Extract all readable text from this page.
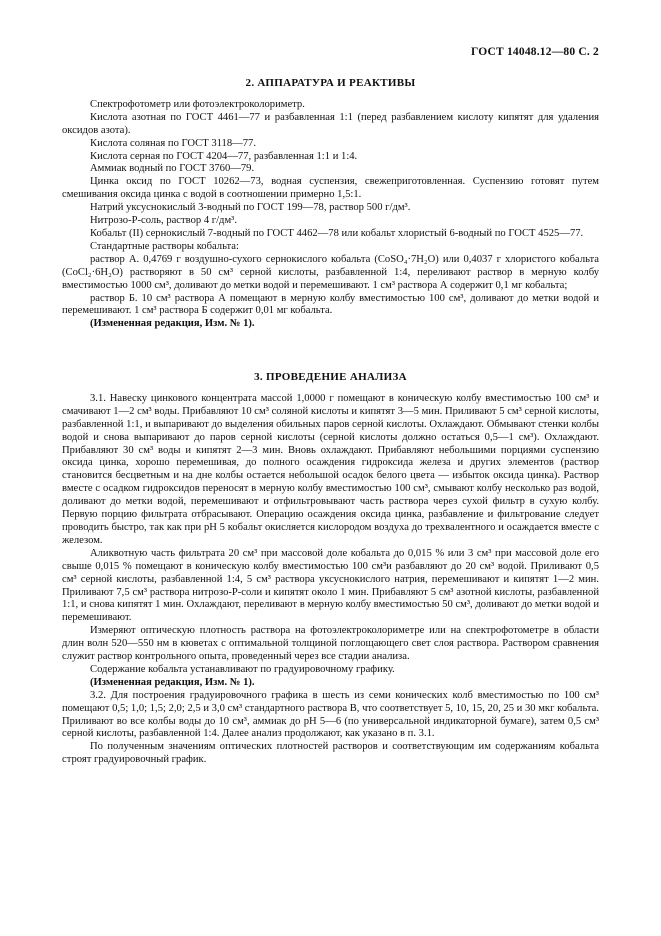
ГОСТ 14048.12—80 С. 2
2. АППАРАТУРА И РЕАКТИВЫ

Спектрофотометр или фотоэлектроколориметр.

Кислота азотная по ГОСТ 4461—77 и разбавленная 1:1 (перед разбавлением кислоту кипятят для удаления оксидов азота).

Кислота соляная по ГОСТ 3118—77.

Кислота серная по ГОСТ 4204—77, разбавленная 1:1 и 1:4.

Аммиак водный по ГОСТ 3760—79.

Цинка оксид по ГОСТ 10262—73, водная суспензия, свежеприготовленная. Суспензию готовят путем смешивания оксида цинка с водой в соотношении примерно 1,5:1.

Натрий уксуснокислый 3-водный по ГОСТ 199—78, раствор 500 г/дм³.

Нитрозо-Р-соль, раствор 4 г/дм³.

Кобальт (II) сернокислый 7-водный по ГОСТ 4462—78 или кобальт хлористый 6-водный по ГОСТ 4525—77.

Стандартные растворы кобальта:

раствор А. 0,4769 г воздушно-сухого сернокислого кобальта (CoSO₄·7H₂O) или 0,4037 г хлористого кобальта (CoCl₂·6H₂O) растворяют в 50 см³ серной кислоты, разбавленной 1:4, переливают раствор в мерную колбу вместимостью 1000 см³, доливают до метки водой и перемешивают. 1 см³ раствора А содержит 0,1 мг кобальта;

раствор Б. 10 см³ раствора А помещают в мерную колбу вместимостью 100 см³, доливают до метки водой и перемешивают. 1 см³ раствора Б содержит 0,01 мг кобальта.

(Измененная редакция, Изм. № 1).

3. ПРОВЕДЕНИЕ АНАЛИЗА

3.1. Навеску цинкового концентрата массой 1,0000 г помещают в коническую колбу вместимостью 100 см³ и смачивают 1—2 см³ воды. Прибавляют 10 см³ соляной кислоты и кипятят 3—5 мин. Приливают 5 см³ серной кислоты, разбавленной 1:1, и выпаривают до выделения обильных паров серной кислоты. Охлаждают. Обмывают стенки колбы водой и снова выпаривают до паров серной кислоты (серной кислоты должно остаться 0,5—1 см³). Охлаждают. Прибавляют 30 см³ воды и кипятят 2—3 мин. Вновь охлаждают. Прибавляют небольшими порциями суспензию оксида цинка, хорошо перемешивая, до полного осаждения гидроксида железа и других элементов (раствор становится бесцветным и на дне колбы остается небольшой осадок белого цвета — избыток оксида цинка). Раствор вместе с осадком гидроксидов переносят в мерную колбу вместимостью 100 см³, смывают колбу несколько раз водой, доливают до метки водой, перемешивают и отфильтровывают часть раствора через сухой фильтр в сухую колбу. Первую порцию фильтрата отбрасывают. Операцию осаждения оксида цинка, разбавление и фильтрование следует проводить быстро, так как при pH 5 кобальт окисляется кислородом воздуха до трехвалентного и осаждается вместе с железом.

Аликвотную часть фильтрата 20 см³ при массовой доле кобальта до 0,015 % или 3 см³ при массовой доле его свыше 0,015 % помещают в коническую колбу вместимостью 100 см³и разбавляют до 20 см³ водой. Приливают 0,5 см³ серной кислоты, разбавленной 1:4, 5 см³ раствора уксуснокислого натрия, перемешивают и кипятят 1—2 мин. Приливают 7,5 см³ раствора нитрозо-Р-соли и кипятят около 1 мин. Прибавляют 5 см³ азотной кислоты, разбавленной 1:1, и снова кипятят 1 мин. Охлаждают, переливают в мерную колбу вместимостью 50 см³, доливают до метки водой и перемешивают.

Измеряют оптическую плотность раствора на фотоэлектроколориметре или на спектрофотометре в области длин волн 520—550 нм в кюветах с оптимальной толщиной поглощающего свет слоя раствора. Раствором сравнения служит раствор контрольного опыта, проведенный через все стадии анализа.

Содержание кобальта устанавливают по градуировочному графику.

(Измененная редакция, Изм. № 1).

3.2. Для построения градуировочного графика в шесть из семи конических колб вместимостью по 100 см³ помещают 0,5; 1,0; 1,5; 2,0; 2,5 и 3,0 см³ стандартного раствора В, что соответствует 5, 10, 15, 20, 25 и 30 мкг кобальта. Приливают во все колбы воды до 10 см³, аммиак до pH 5—6 (по универсальной индикаторной бумаге), затем 0,5 см³ серной кислоты, разбавленной 1:4. Далее анализ продолжают, как указано в п. 3.1.

По полученным значениям оптических плотностей растворов и соответствующим им содержаниям кобальта строят градуировочный график.
